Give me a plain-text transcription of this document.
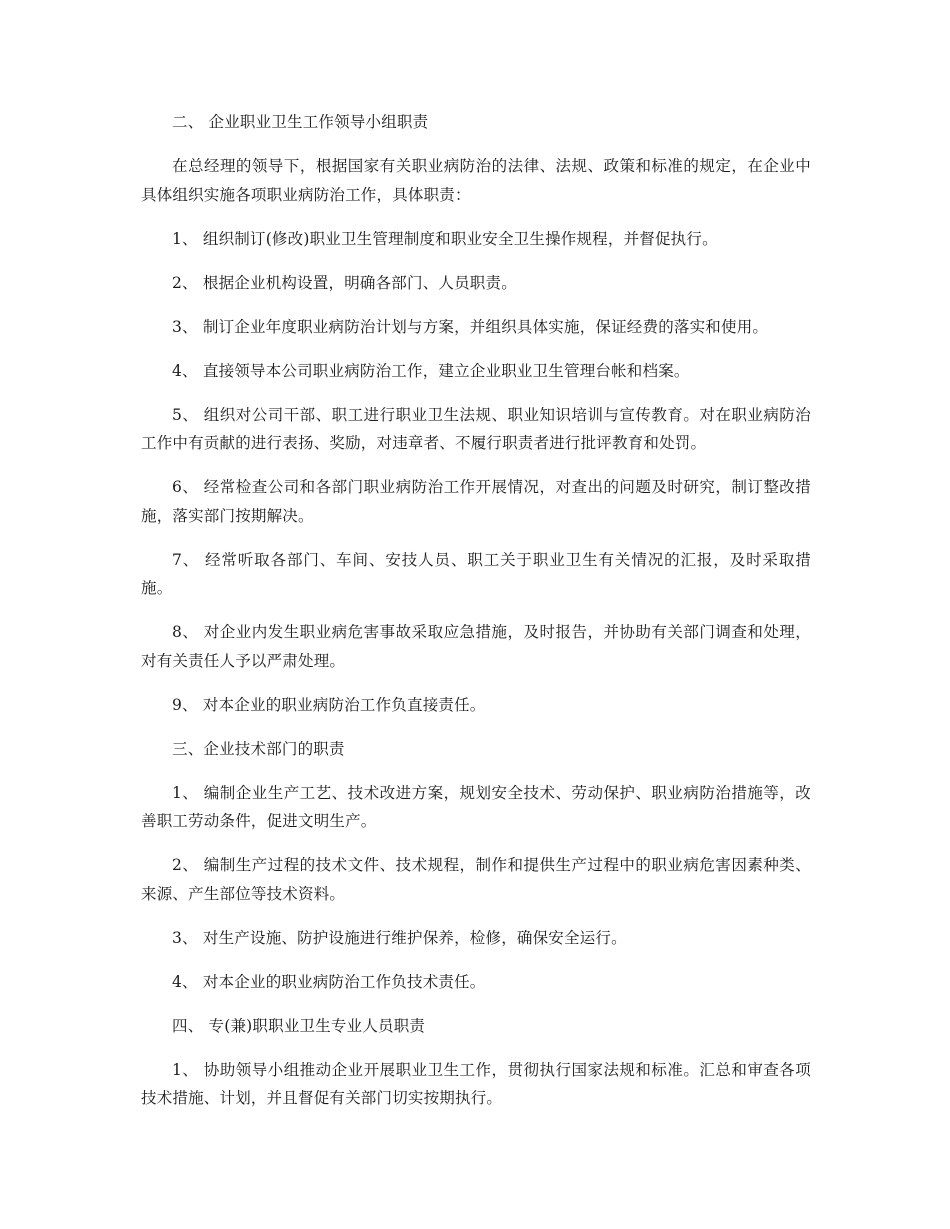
二、 企业职业卫生工作领导小组职责

在总经理的领导下，根据国家有关职业病防治的法律、法规、政策和标准的规定，在企业中具体组织实施各项职业病防治工作，具体职责：

1、 组织制订(修改)职业卫生管理制度和职业安全卫生操作规程，并督促执行。

2、 根据企业机构设置，明确各部门、人员职责。

3、 制订企业年度职业病防治计划与方案，并组织具体实施，保证经费的落实和使用。

4、 直接领导本公司职业病防治工作，建立企业职业卫生管理台帐和档案。

5、 组织对公司干部、职工进行职业卫生法规、职业知识培训与宣传教育。对在职业病防治工作中有贡献的进行表扬、奖励，对违章者、不履行职责者进行批评教育和处罚。

6、 经常检查公司和各部门职业病防治工作开展情况，对查出的问题及时研究，制订整改措施，落实部门按期解决。

7、 经常听取各部门、车间、安技人员、职工关于职业卫生有关情况的汇报，及时采取措施。

8、 对企业内发生职业病危害事故采取应急措施，及时报告，并协助有关部门调查和处理，对有关责任人予以严肃处理。

9、 对本企业的职业病防治工作负直接责任。

三、企业技术部门的职责

1、 编制企业生产工艺、技术改进方案，规划安全技术、劳动保护、职业病防治措施等，改善职工劳动条件，促进文明生产。

2、 编制生产过程的技术文件、技术规程，制作和提供生产过程中的职业病危害因素种类、来源、产生部位等技术资料。

3、 对生产设施、防护设施进行维护保养，检修，确保安全运行。

4、 对本企业的职业病防治工作负技术责任。

四、 专(兼)职职业卫生专业人员职责

1、 协助领导小组推动企业开展职业卫生工作，贯彻执行国家法规和标准。汇总和审查各项技术措施、计划，并且督促有关部门切实按期执行。
